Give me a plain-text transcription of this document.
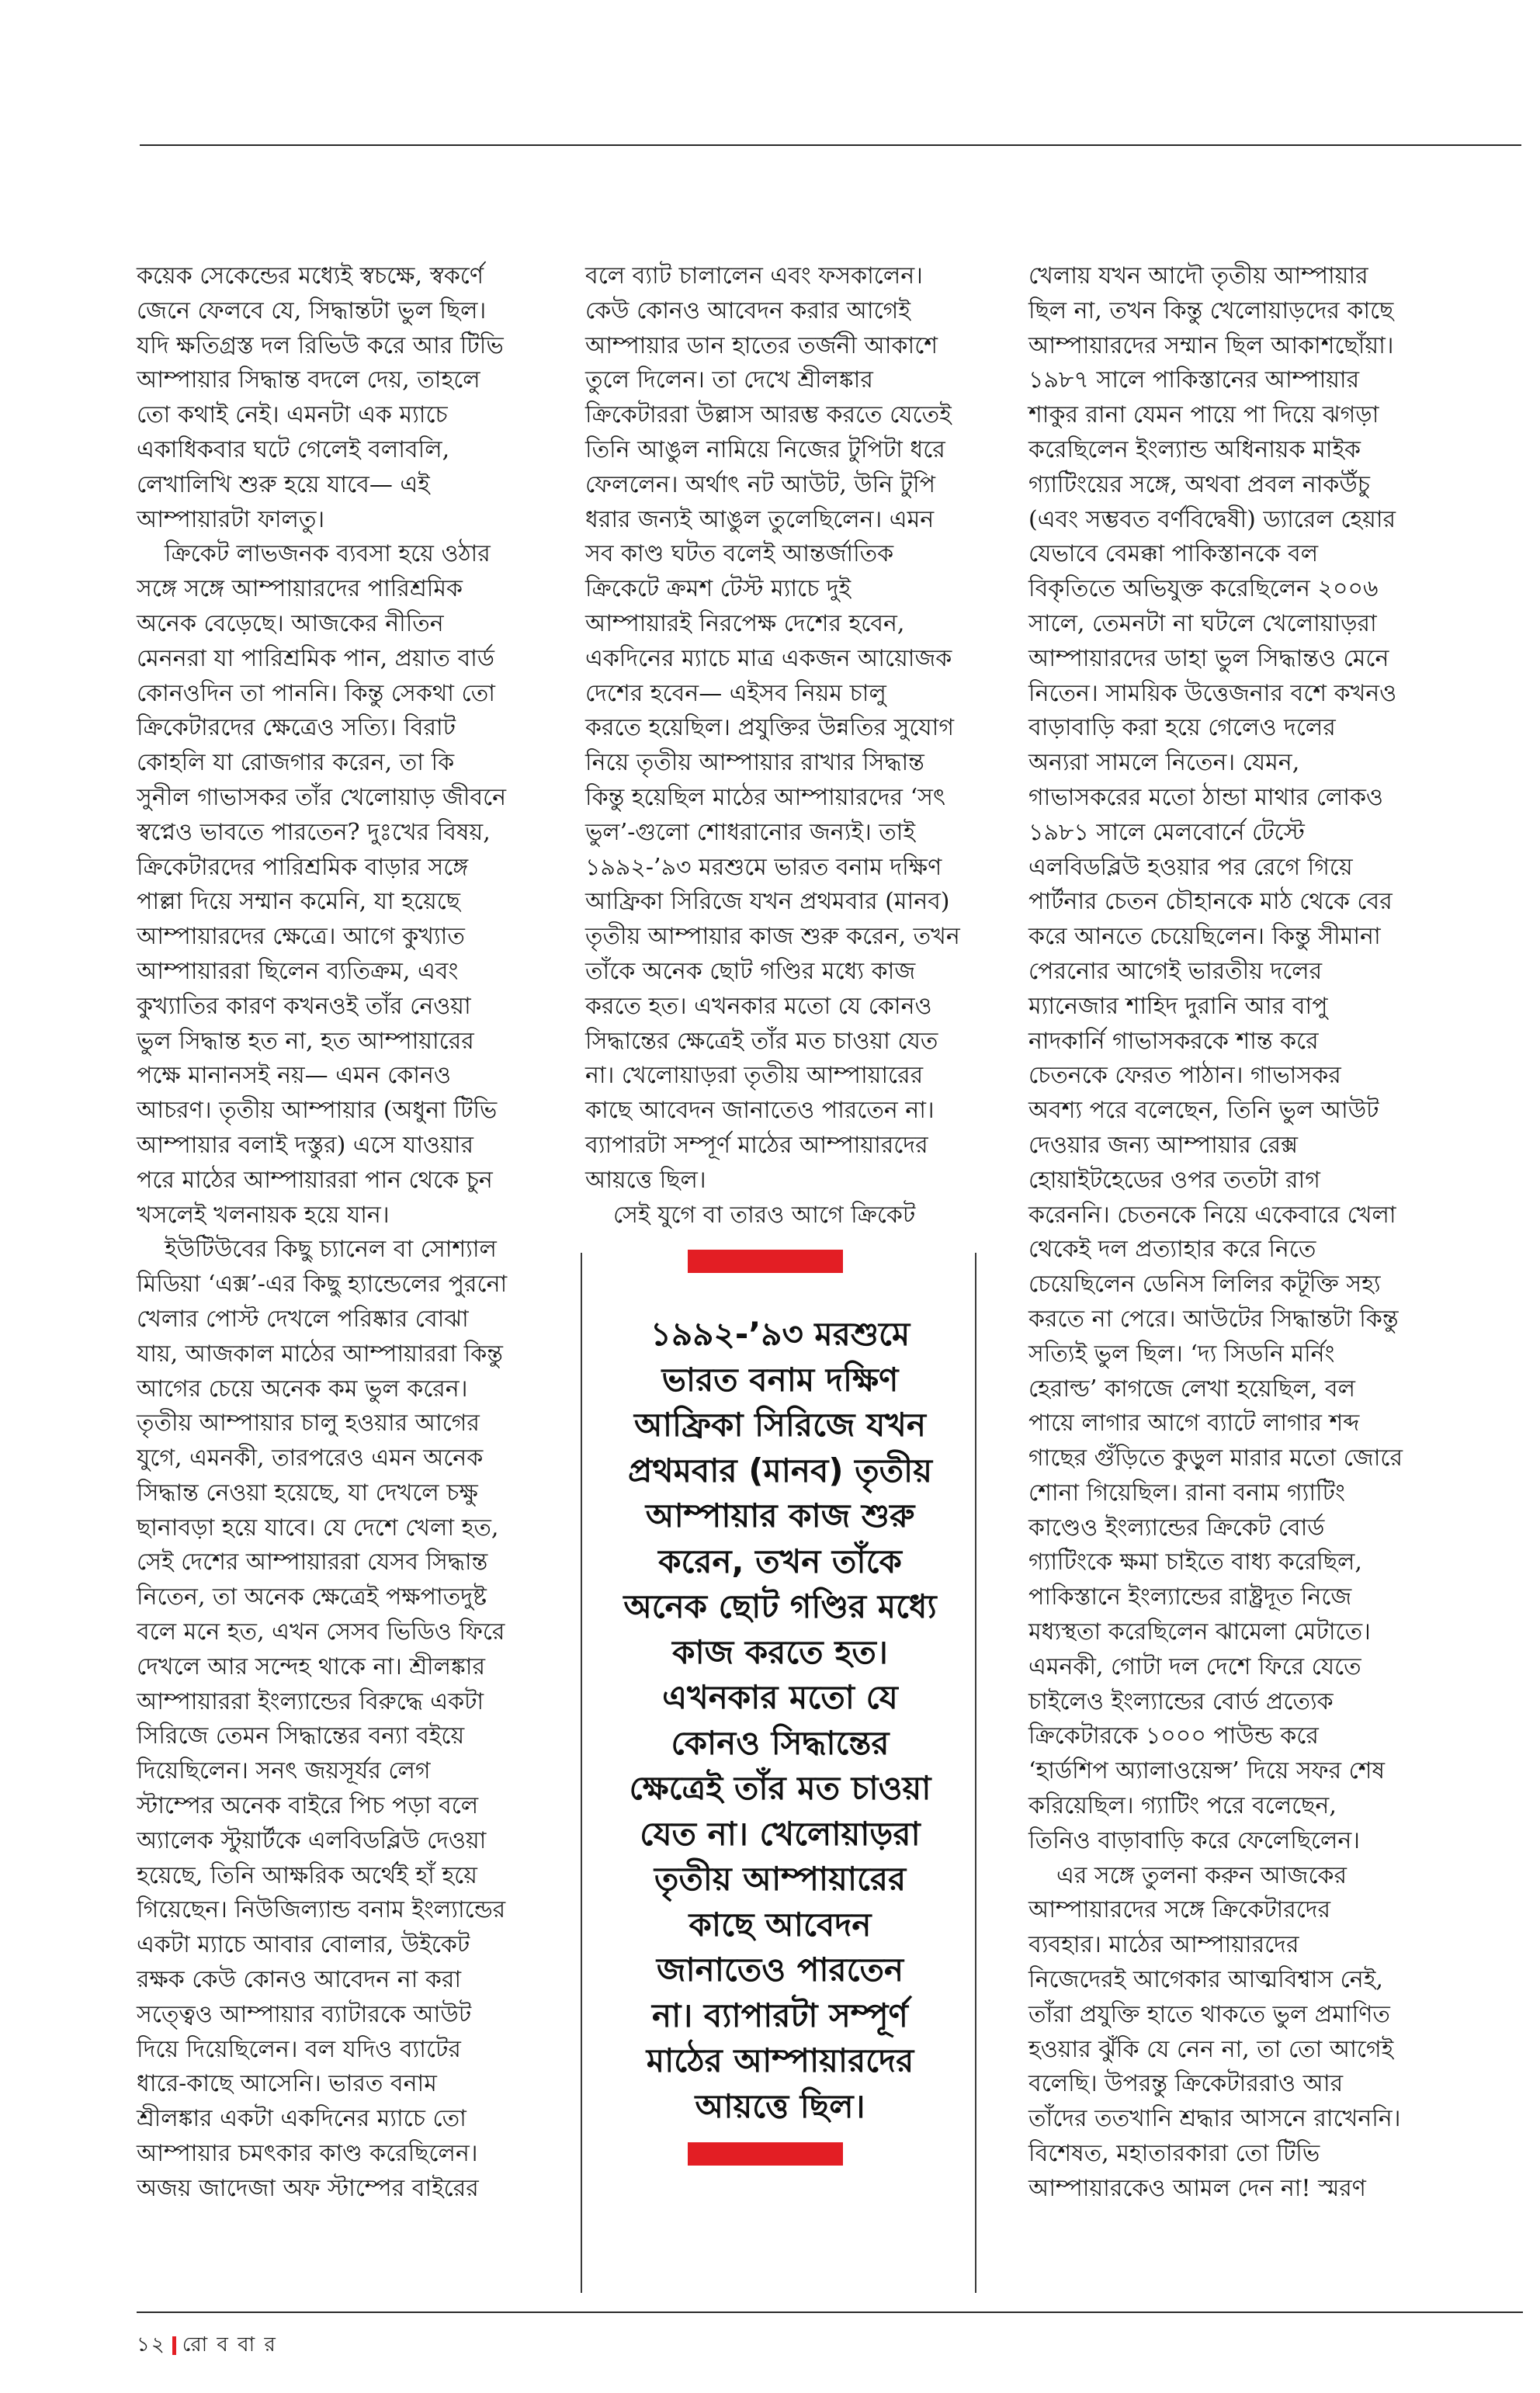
কয়েক সেকেন্ডের মধ্যেই স্বচক্ষে, স্বকর্ণে
জেনে ফেলবে যে, সিদ্ধান্তটা ভুল ছিল।
যদি ক্ষতিগ্রস্ত দল রিভিউ করে আর টিভি
আম্পায়ার সিদ্ধান্ত বদলে দেয়, তাহলে
তো কথাই নেই। এমনটা এক ম্যাচে
একাধিকবার ঘটে গেলেই বলাবলি,
লেখালিখি শুরু হয়ে যাবে— এই
আম্পায়ারটা ফালতু।
ক্রিকেট লাভজনক ব্যবসা হয়ে ওঠার
সঙ্গে সঙ্গে আম্পায়ারদের পারিশ্রমিক
অনেক বেড়েছে। আজকের নীতিন
মেননরা যা পারিশ্রমিক পান, প্রয়াত বার্ড
কোনওদিন তা পাননি। কিন্তু সেকথা তো
ক্রিকেটারদের ক্ষেত্রেও সত্যি। বিরাট
কোহলি যা রোজগার করেন, তা কি
সুনীল গাভাসকর তাঁর খেলোয়াড় জীবনে
স্বপ্নেও ভাবতে পারতেন? দুঃখের বিষয়,
ক্রিকেটারদের পারিশ্রমিক বাড়ার সঙ্গে
পাল্লা দিয়ে সম্মান কমেনি, যা হয়েছে
আম্পায়ারদের ক্ষেত্রে। আগে কুখ্যাত
আম্পায়াররা ছিলেন ব্যতিক্রম, এবং
কুখ্যাতির কারণ কখনওই তাঁর নেওয়া
ভুল সিদ্ধান্ত হত না, হত আম্পায়ারের
পক্ষে মানানসই নয়— এমন কোনও
আচরণ। তৃতীয় আম্পায়ার (অধুনা টিভি
আম্পায়ার বলাই দস্তুর) এসে যাওয়ার
পরে মাঠের আম্পায়াররা পান থেকে চুন
খসলেই খলনায়ক হয়ে যান।
ইউটিউবের কিছু চ্যানেল বা সোশ্যাল
মিডিয়া ‘এক্স’-এর কিছু হ্যান্ডেলের পুরনো
খেলার পোস্ট দেখলে পরিষ্কার বোঝা
যায়, আজকাল মাঠের আম্পায়াররা কিন্তু
আগের চেয়ে অনেক কম ভুল করেন।
তৃতীয় আম্পায়ার চালু হওয়ার আগের
যুগে, এমনকী, তারপরেও এমন অনেক
সিদ্ধান্ত নেওয়া হয়েছে, যা দেখলে চক্ষু
ছানাবড়া হয়ে যাবে। যে দেশে খেলা হত,
সেই দেশের আম্পায়াররা যেসব সিদ্ধান্ত
নিতেন, তা অনেক ক্ষেত্রেই পক্ষপাতদুষ্ট
বলে মনে হত, এখন সেসব ভিডিও ফিরে
দেখলে আর সন্দেহ থাকে না। শ্রীলঙ্কার
আম্পায়াররা ইংল্যান্ডের বিরুদ্ধে একটা
সিরিজে তেমন সিদ্ধান্তের বন্যা বইয়ে
দিয়েছিলেন। সনৎ জয়সূর্যর লেগ
স্টাম্পের অনেক বাইরে পিচ পড়া বলে
অ্যালেক স্টুয়ার্টকে এলবিডব্লিউ দেওয়া
হয়েছে, তিনি আক্ষরিক অর্থেই হাঁ হয়ে
গিয়েছেন। নিউজিল্যান্ড বনাম ইংল্যান্ডের
একটা ম্যাচে আবার বোলার, উইকেট
রক্ষক কেউ কোনও আবেদন না করা
সত্ত্বেও আম্পায়ার ব্যাটারকে আউট
দিয়ে দিয়েছিলেন। বল যদিও ব্যাটের
ধারে-কাছে আসেনি। ভারত বনাম
শ্রীলঙ্কার একটা একদিনের ম্যাচে তো
আম্পায়ার চমৎকার কাণ্ড করেছিলেন।
অজয় জাদেজা অফ স্টাম্পের বাইরের
বলে ব্যাট চালালেন এবং ফসকালেন।
কেউ কোনও আবেদন করার আগেই
আম্পায়ার ডান হাতের তর্জনী আকাশে
তুলে দিলেন। তা দেখে শ্রীলঙ্কার
ক্রিকেটাররা উল্লাস আরম্ভ করতে যেতেই
তিনি আঙুল নামিয়ে নিজের টুপিটা ধরে
ফেললেন। অর্থাৎ নট আউট, উনি টুপি
ধরার জন্যই আঙুল তুলেছিলেন। এমন
সব কাণ্ড ঘটত বলেই আন্তর্জাতিক
ক্রিকেটে ক্রমশ টেস্ট ম্যাচে দুই
আম্পায়ারই নিরপেক্ষ দেশের হবেন,
একদিনের ম্যাচে মাত্র একজন আয়োজক
দেশের হবেন— এইসব নিয়ম চালু
করতে হয়েছিল। প্রযুক্তির উন্নতির সুযোগ
নিয়ে তৃতীয় আম্পায়ার রাখার সিদ্ধান্ত
কিন্তু হয়েছিল মাঠের আম্পায়ারদের ‘সৎ
ভুল’-গুলো শোধরানোর জন্যই। তাই
১৯৯২-’৯৩ মরশুমে ভারত বনাম দক্ষিণ
আফ্রিকা সিরিজে যখন প্রথমবার (মানব)
তৃতীয় আম্পায়ার কাজ শুরু করেন, তখন
তাঁকে অনেক ছোট গণ্ডির মধ্যে কাজ
করতে হত। এখনকার মতো যে কোনও
সিদ্ধান্তের ক্ষেত্রেই তাঁর মত চাওয়া যেত
না। খেলোয়াড়রা তৃতীয় আম্পায়ারের
কাছে আবেদন জানাতেও পারতেন না।
ব্যাপারটা সম্পূর্ণ মাঠের আম্পায়ারদের
আয়ত্তে ছিল।
সেই যুগে বা তারও আগে ক্রিকেট
খেলায় যখন আদৌ তৃতীয় আম্পায়ার
ছিল না, তখন কিন্তু খেলোয়াড়দের কাছে
আম্পায়ারদের সম্মান ছিল আকাশছোঁয়া।
১৯৮৭ সালে পাকিস্তানের আম্পায়ার
শাকুর রানা যেমন পায়ে পা দিয়ে ঝগড়া
করেছিলেন ইংল্যান্ড অধিনায়ক মাইক
গ্যাটিংয়ের সঙ্গে, অথবা প্রবল নাকউঁচু
(এবং সম্ভবত বর্ণবিদ্বেষী) ড্যারেল হেয়ার
যেভাবে বেমক্কা পাকিস্তানকে বল
বিকৃতিতে অভিযুক্ত করেছিলেন ২০০৬
সালে, তেমনটা না ঘটলে খেলোয়াড়রা
আম্পায়ারদের ডাহা ভুল সিদ্ধান্তও মেনে
নিতেন। সাময়িক উত্তেজনার বশে কখনও
বাড়াবাড়ি করা হয়ে গেলেও দলের
অন্যরা সামলে নিতেন। যেমন,
গাভাসকরের মতো ঠান্ডা মাথার লোকও
১৯৮১ সালে মেলবোর্নে টেস্টে
এলবিডব্লিউ হওয়ার পর রেগে গিয়ে
পার্টনার চেতন চৌহানকে মাঠ থেকে বের
করে আনতে চেয়েছিলেন। কিন্তু সীমানা
পেরনোর আগেই ভারতীয় দলের
ম্যানেজার শাহিদ দুরানি আর বাপু
নাদকার্নি গাভাসকরকে শান্ত করে
চেতনকে ফেরত পাঠান। গাভাসকর
অবশ্য পরে বলেছেন, তিনি ভুল আউট
দেওয়ার জন্য আম্পায়ার রেক্স
হোয়াইটহেডের ওপর ততটা রাগ
করেননি। চেতনকে নিয়ে একেবারে খেলা
থেকেই দল প্রত্যাহার করে নিতে
চেয়েছিলেন ডেনিস লিলির কটূক্তি সহ্য
করতে না পেরে। আউটের সিদ্ধান্তটা কিন্তু
সত্যিই ভুল ছিল। ‘দ্য সিডনি মর্নিং
হেরাল্ড’ কাগজে লেখা হয়েছিল, বল
পায়ে লাগার আগে ব্যাটে লাগার শব্দ
গাছের গুঁড়িতে কুড়ুল মারার মতো জোরে
শোনা গিয়েছিল। রানা বনাম গ্যাটিং
কাণ্ডেও ইংল্যান্ডের ক্রিকেট বোর্ড
গ্যাটিংকে ক্ষমা চাইতে বাধ্য করেছিল,
পাকিস্তানে ইংল্যান্ডের রাষ্ট্রদূত নিজে
মধ্যস্থতা করেছিলেন ঝামেলা মেটাতে।
এমনকী, গোটা দল দেশে ফিরে যেতে
চাইলেও ইংল্যান্ডের বোর্ড প্রত্যেক
ক্রিকেটারকে ১০০০ পাউন্ড করে
‘হার্ডশিপ অ্যালাওয়েন্স’ দিয়ে সফর শেষ
করিয়েছিল। গ্যাটিং পরে বলেছেন,
তিনিও বাড়াবাড়ি করে ফেলেছিলেন।
এর সঙ্গে তুলনা করুন আজকের
আম্পায়ারদের সঙ্গে ক্রিকেটারদের
ব্যবহার। মাঠের আম্পায়ারদের
নিজেদেরই আগেকার আত্মবিশ্বাস নেই,
তাঁরা প্রযুক্তি হাতে থাকতে ভুল প্রমাণিত
হওয়ার ঝুঁকি যে নেন না, তা তো আগেই
বলেছি। উপরন্তু ক্রিকেটাররাও আর
তাঁদের ততখানি শ্রদ্ধার আসনে রাখেননি।
বিশেষত, মহাতারকারা তো টিভি
আম্পায়ারকেও আমল দেন না! স্মরণ
১৯৯২-’৯৩ মরশুমে
ভারত বনাম দক্ষিণ
আফ্রিকা সিরিজে যখন
প্রথমবার (মানব) তৃতীয়
আম্পায়ার কাজ শুরু
করেন, তখন তাঁকে
অনেক ছোট গণ্ডির মধ্যে
কাজ করতে হত।
এখনকার মতো যে
কোনও সিদ্ধান্তের
ক্ষেত্রেই তাঁর মত চাওয়া
যেত না। খেলোয়াড়রা
তৃতীয় আম্পায়ারের
কাছে আবেদন
জানাতেও পারতেন
না। ব্যাপারটা সম্পূর্ণ
মাঠের আম্পায়ারদের
আয়ত্তে ছিল।
১২ রো ব বা র
